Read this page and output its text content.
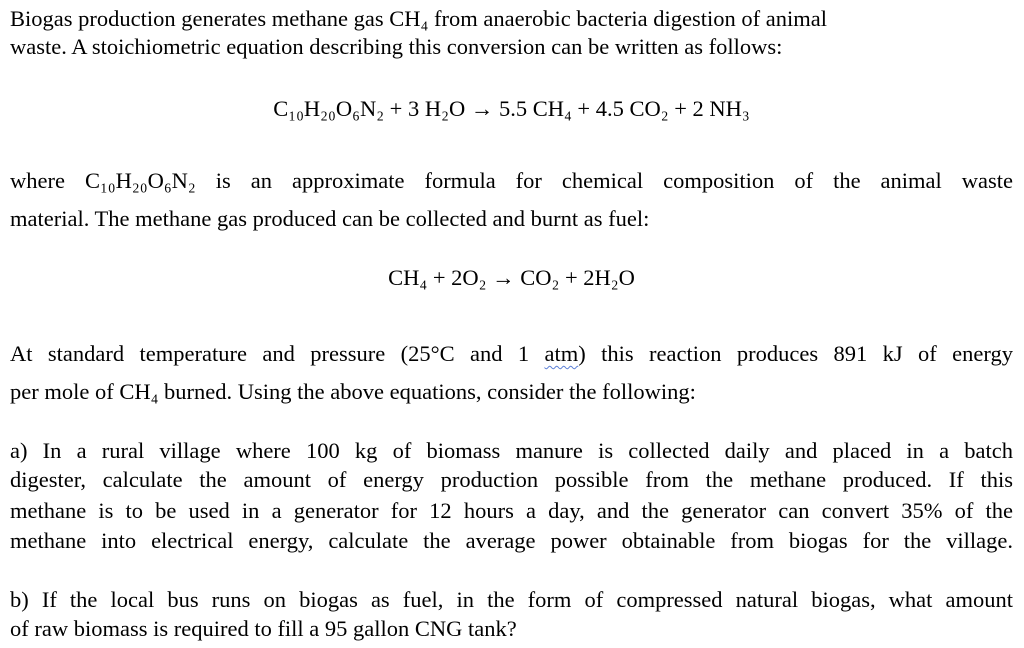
Biogas production generates methane gas CH₄ from anaerobic bacteria digestion of animal
waste. A stoichiometric equation describing this conversion can be written as follows:
C₁₀H₂₀O₆N₂ + 3 H₂O → 5.5 CH₄ + 4.5 CO₂ + 2 NH₃
where C₁₀H₂₀O₆N₂ is an approximate formula for chemical composition of the animal waste
material. The methane gas produced can be collected and burnt as fuel:
CH₄ + 2O₂ → CO₂ + 2H₂O
At standard temperature and pressure (25°C and 1 atm) this reaction produces 891 kJ of energy
per mole of CH₄ burned. Using the above equations, consider the following:
a) In a rural village where 100 kg of biomass manure is collected daily and placed in a batch
digester, calculate the amount of energy production possible from the methane produced. If this
methane is to be used in a generator for 12 hours a day, and the generator can convert 35% of the
methane into electrical energy, calculate the average power obtainable from biogas for the village.
b) If the local bus runs on biogas as fuel, in the form of compressed natural biogas, what amount
of raw biomass is required to fill a 95 gallon CNG tank?
